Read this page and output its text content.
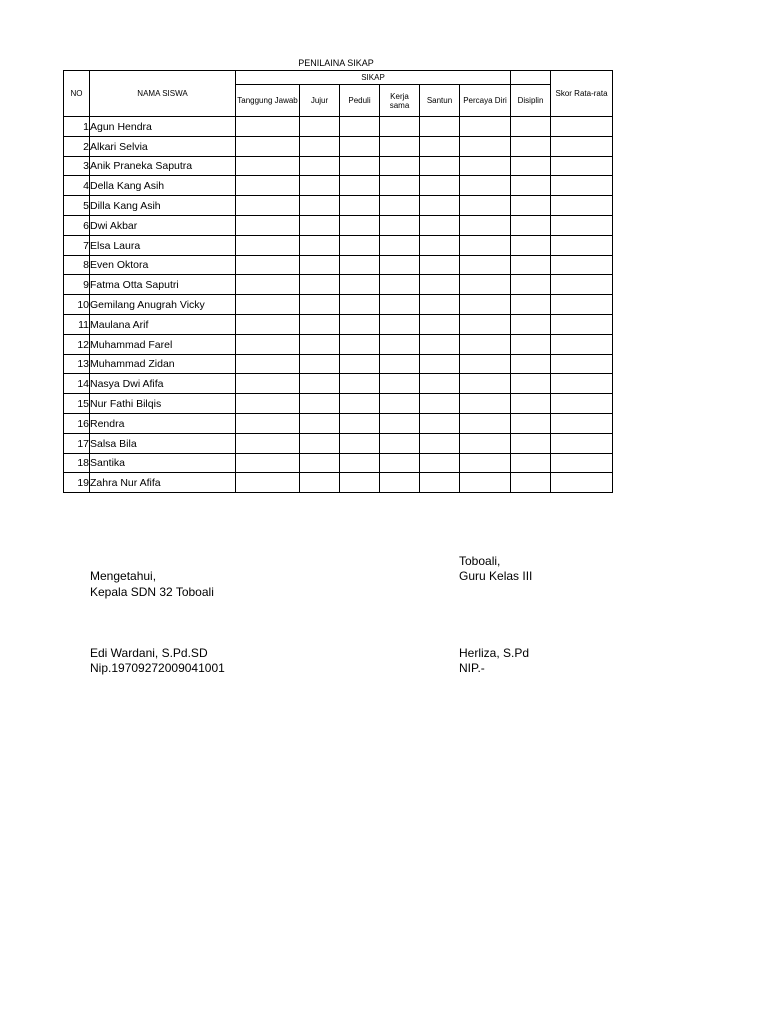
PENILAINA SIKAP
NO	NAMA SISWA	SIKAP							Skor Rata-rata
		Tanggung Jawab	Jujur	Peduli	Kerja sama	Santun	Percaya Diri	Disiplin	
1	Agun Hendra								
2	Alkari Selvia								
3	Anik Praneka Saputra								
4	Della Kang Asih								
5	Dilla Kang Asih								
6	Dwi Akbar								
7	Elsa Laura								
8	Even Oktora								
9	Fatma Otta Saputri								
10	Gemilang Anugrah Vicky								
11	Maulana Arif								
12	Muhammad Farel								
13	Muhammad Zidan								
14	Nasya Dwi Afifa								
15	Nur Fathi Bilqis								
16	Rendra								
17	Salsa Bila								
18	Santika								
19	Zahra Nur Afifa								
Toboali,
Mengetahui,	Guru Kelas III
Kepala SDN 32 Toboali
Edi Wardani, S.Pd.SD	Herliza, S.Pd
Nip.19709272009041001	NIP.-
